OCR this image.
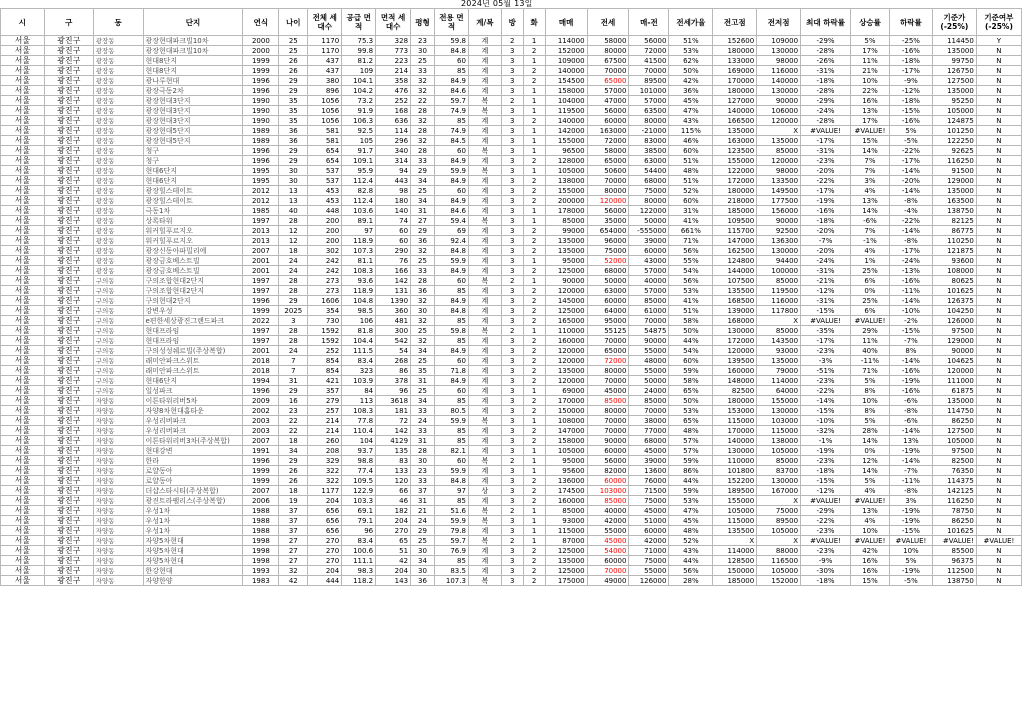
2024년 05월 13일
시	구	동	단지	연식	나이	전체 세대수	공급 면적	면적 세대수	평형	전용 면적	계/복	방	화	매매	전세	매-전	전세가율	전고점	전저점	최대 하락률	상승률	하락률	기준가 (-25%)	기준여부 (-25%)
서울	광진구	광장동	광장현대파크빌10차	2000	25	1170	75.3	328	23	59.8	계	2	1	114000	58000	56000	51%	152600	109000	-29%	5%	-25%	114450	Y
서울	광진구	광장동	광장현대파크빌10차	2000	25	1170	99.8	773	30	84.8	계	3	2	152000	80000	72000	53%	180000	130000	-28%	17%	-16%	135000	N
서울	광진구	광장동	현대8단지	1999	26	437	81.2	223	25	60	계	3	1	109000	67500	41500	62%	133000	98000	-26%	11%	-18%	99750	N
서울	광진구	광장동	현대8단지	1999	26	437	109	214	33	85	계	3	2	140000	70000	70000	50%	169000	116000	-31%	21%	-17%	126750	N
서울	광진구	광장동	광나루현대	1996	29	380	104.1	358	32	84.9	계	3	2	154500	65000	89500	42%	170000	140000	-18%	10%	-9%	127500	N
서울	광진구	광장동	광장극동2차	1996	29	896	104.2	476	32	84.6	계	3	1	158000	57000	101000	36%	180000	130000	-28%	22%	-12%	135000	N
서울	광진구	광장동	광장현대3단지	1990	35	1056	73.2	252	22	59.7	복	2	1	104000	47000	57000	45%	127000	90000	-29%	16%	-18%	95250	N
서울	광진구	광장동	광장현대3단지	1990	35	1056	91.9	168	28	74.9	복	3	1	119500	56000	63500	47%	140000	106000	-24%	13%	-15%	105000	N
서울	광진구	광장동	광장현대3단지	1990	35	1056	106.3	636	32	85	계	3	2	140000	60000	80000	43%	166500	120000	-28%	17%	-16%	124875	N
서울	광진구	광장동	광장현대5단지	1989	36	581	92.5	114	28	74.9	계	3	1	142000	163000	-21000	115%	135000	X	#VALUE!	#VALUE!	5%	101250	N
서울	광진구	광장동	광장현대5단지	1989	36	581	105	296	32	84.5	계	3	1	155000	72000	83000	46%	163000	135000	-17%	15%	-5%	122250	N
서울	광진구	광장동	청구	1996	29	654	91.7	340	28	60	복	3	1	96500	58000	38500	60%	123500	85000	-31%	14%	-22%	92625	N
서울	광진구	광장동	청구	1996	29	654	109.1	314	33	84.9	계	3	2	128000	65000	63000	51%	155000	120000	-23%	7%	-17%	116250	N
서울	광진구	광장동	현대6단지	1995	30	537	95.9	94	29	59.9	복	3	1	105000	50600	54400	48%	122000	98000	-20%	7%	-14%	91500	N
서울	광진구	광장동	현대6단지	1995	30	537	112.4	443	34	84.9	계	3	2	138000	70000	68000	51%	172000	133500	-22%	3%	-20%	129000	N
서울	광진구	광장동	광장힐스테이트	2012	13	453	82.8	98	25	60	계	3	2	155000	80000	75000	52%	180000	149500	-17%	4%	-14%	135000	N
서울	광진구	광장동	광장힐스테이트	2012	13	453	112.4	180	34	84.9	계	3	2	200000	120000	80000	60%	218000	177500	-19%	13%	-8%	163500	N
서울	광진구	광장동	극동1차	1985	40	448	103.6	140	31	84.6	계	3	1	178000	56000	122000	31%	185000	156000	-16%	14%	-4%	138750	N
서울	광진구	광장동	상록타워	1997	28	200	89.1	74	27	59.4	복	3	1	85000	35000	50000	41%	109500	90000	-18%	-6%	-22%	82125	N
서울	광진구	광장동	워커힐푸르지오	2013	12	200	97	60	29	69	계	3	2	99000	654000	-555000	661%	115700	92500	-20%	7%	-14%	86775	N
서울	광진구	광장동	워커힐푸르지오	2013	12	200	118.9	60	36	92.4	계	3	2	135000	96000	39000	71%	147000	136300	-7%	-1%	-8%	110250	N
서울	광진구	광장동	광장신동아파밀리에	2007	18	302	107.3	290	32	84.8	계	3	2	135000	75000	60000	56%	162500	130000	-20%	4%	-17%	121875	N
서울	광진구	광장동	광장금호베스트빌	2001	24	242	81.1	76	25	59.9	계	3	1	95000	52000	43000	55%	124800	94400	-24%	1%	-24%	93600	N
서울	광진구	광장동	광장금호베스트빌	2001	24	242	108.3	166	33	84.9	계	3	2	125000	68000	57000	54%	144000	100000	-31%	25%	-13%	108000	N
서울	광진구	구의동	구의조합현대2단지	1997	28	273	93.6	142	28	60	복	2	1	90000	50000	40000	56%	107500	85000	-21%	6%	-16%	80625	N
서울	광진구	구의동	구의조합현대2단지	1997	28	273	118.9	131	36	85	계	3	2	120000	63000	57000	53%	135500	119500	-12%	0%	-11%	101625	N
서울	광진구	구의동	구의현대2단지	1996	29	1606	104.8	1390	32	84.9	계	3	2	145000	60000	85000	41%	168500	116000	-31%	25%	-14%	126375	N
서울	광진구	구의동	강변우성	1999	2025	354	98.5	360	30	84.8	계	3	2	125000	64000	61000	51%	139000	117800	-15%	6%	-10%	104250	N
서울	광진구	구의동	e편한세상광진그랜드파크	2022	3	730	106	481	32	85	계	3	2	165000	95000	70000	58%	168000	X	#VALUE!	#VALUE!	-2%	126000	N
서울	광진구	구의동	현대프라임	1997	28	1592	81.8	300	25	59.8	복	2	1	110000	55125	54875	50%	130000	85000	-35%	29%	-15%	97500	N
서울	광진구	구의동	현대프라임	1997	28	1592	104.4	542	32	85	계	3	2	160000	70000	90000	44%	172000	143500	-17%	11%	-7%	129000	N
서울	광진구	구의동	구의성성쉐르빌(주상복합)	2001	24	252	111.5	54	34	84.9	계	3	2	120000	65000	55000	54%	120000	93000	-23%	40%	8%	90000	N
서울	광진구	구의동	래미안파크스위트	2018	7	854	83.4	268	25	60	계	3	2	120000	72000	48000	60%	139500	135000	-3%	-11%	-14%	104625	N
서울	광진구	구의동	래미안파크스위트	2018	7	854	323	86	35	71.8	계	3	2	135000	80000	55000	59%	160000	79000	-51%	71%	-16%	120000	N
서울	광진구	구의동	현대6단지	1994	31	421	103.9	378	31	84.9	계	3	2	120000	70000	50000	58%	148000	114000	-23%	5%	-19%	111000	N
서울	광진구	구의동	일성파크	1996	29	357	84	96	25	60	계	3	1	69000	45000	24000	65%	82500	64000	-22%	8%	-16%	61875	N
서울	광진구	자양동	이튼타워리버5차	2009	16	279	113	3618	34	85	계	3	2	170000	85000	85000	50%	180000	155000	-14%	10%	-6%	135000	N
서울	광진구	자양동	자양8차현대홈타운	2002	23	257	108.3	181	33	80.5	계	3	2	150000	80000	70000	53%	153000	130000	-15%	8%	-8%	114750	N
서울	광진구	자양동	우성리버파크	2003	22	214	77.8	72	24	59.9	복	3	1	108000	70000	38000	65%	115000	103000	-10%	5%	-6%	86250	N
서울	광진구	자양동	우성리버파크	2003	22	214	110.4	142	33	85	계	3	2	147000	70000	77000	48%	170000	115000	-32%	28%	-14%	127500	N
서울	광진구	자양동	이튼타워리버3차(주상복합)	2007	18	260	104	4129	31	85	계	3	2	158000	90000	68000	57%	140000	138000	-1%	14%	13%	105000	N
서울	광진구	자양동	현대강변	1991	34	208	93.7	135	28	82.1	계	3	1	105000	60000	45000	57%	130000	105000	-19%	0%	-19%	97500	N
서울	광진구	자양동	한라	1996	29	329	98.8	83	30	60	복	2	1	95000	56000	39000	59%	110000	85000	-23%	12%	-14%	82500	N
서울	광진구	자양동	로얄동아	1999	26	322	77.4	133	23	59.9	계	3	1	95600	82000	13600	86%	101800	83700	-18%	14%	-7%	76350	N
서울	광진구	자양동	로얄동아	1999	26	322	109.5	120	33	84.8	계	3	2	136000	60000	76000	44%	152200	130000	-15%	5%	-11%	114375	N
서울	광진구	자양동	더샵스타시티(주상복합)	2007	18	1177	122.9	66	37	97	상	3	2	174500	103000	71500	59%	189500	167000	-12%	4%	-8%	142125	N
서울	광진구	자양동	광진트라팰리스(주상복합)	2006	19	204	103.3	46	31	85	계	3	2	160000	85000	75000	53%	155000	X	#VALUE!	#VALUE!	3%	116250	N
서울	광진구	자양동	우성1차	1988	37	656	69.1	182	21	51.6	복	2	1	85000	40000	45000	47%	105000	75000	-29%	13%	-19%	78750	N
서울	광진구	자양동	우성1차	1988	37	656	79.1	204	24	59.9	복	3	1	93000	42000	51000	45%	115000	89500	-22%	4%	-19%	86250	N
서울	광진구	자양동	우성1차	1988	37	656	96	270	29	79.8	계	3	1	115000	55000	60000	48%	135500	105000	-23%	10%	-15%	101625	N
서울	광진구	자양동	자양5차현대	1998	27	270	83.4	65	25	59.7	복	2	1	87000	45000	42000	52%	X	X	#VALUE!	#VALUE!	#VALUE!	#VALUE!	#VALUE!
서울	광진구	자양동	자양5차현대	1998	27	270	100.6	51	30	76.9	계	3	2	125000	54000	71000	43%	114000	88000	-23%	42%	10%	85500	N
서울	광진구	자양동	자양5차현대	1998	27	270	111.1	42	34	85	계	3	2	135000	60000	75000	44%	128500	116500	-9%	16%	5%	96375	N
서울	광진구	자양동	한강현대	1993	32	204	98.3	204	30	83.5	계	3	2	125000	70000	55000	56%	150000	105000	-30%	16%	-19%	112500	N
서울	광진구	자양동	자양한양	1983	42	444	118.2	143	36	107.3	복	3	2	175000	49000	126000	28%	185000	152000	-18%	15%	-5%	138750	N
